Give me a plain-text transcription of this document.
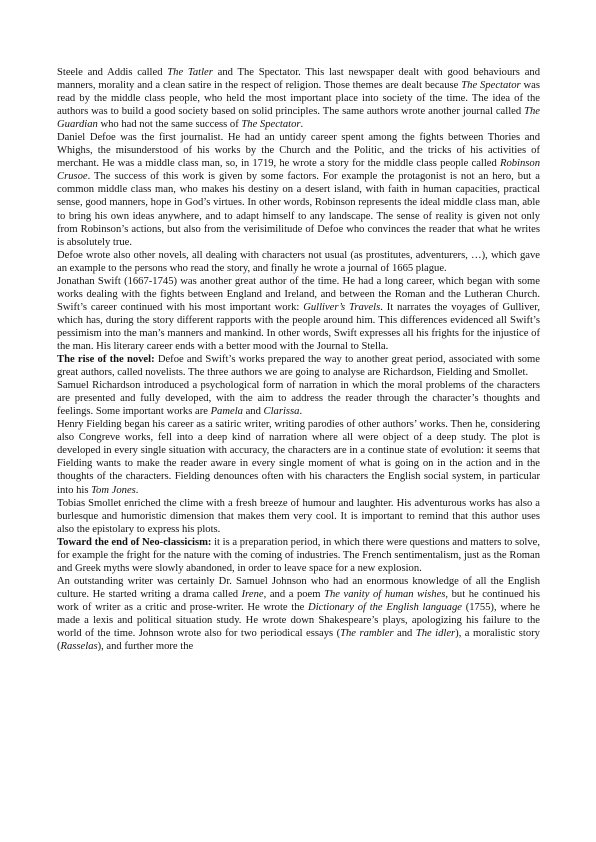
Steele and Addis called The Tatler and The Spectator. This last newspaper dealt with good behaviours and manners, morality and a clean satire in the respect of religion. Those themes are dealt because The Spectator was read by the middle class people, who held the most important place into society of the time. The idea of the authors was to build a good society based on solid principles. The same authors wrote another journal called The Guardian who had not the same success of The Spectator.

Daniel Defoe was the first journalist. He had an untidy career spent among the fights between Thories and Whighs, the misunderstood of his works by the Church and the Politic, and the tricks of his activities of merchant. He was a middle class man, so, in 1719, he wrote a story for the middle class people called Robinson Crusoe. The success of this work is given by some factors. For example the protagonist is not an hero, but a common middle class man, who makes his destiny on a desert island, with faith in human capacities, practical sense, good manners, hope in God’s virtues. In other words, Robinson represents the ideal middle class man, able to bring his own ideas anywhere, and to adapt himself to any landscape. The sense of reality is given not only from Robinson’s actions, but also from the verisimilitude of Defoe who convinces the reader that what he writes is absolutely true.

Defoe wrote also other novels, all dealing with characters not usual (as prostitutes, adventurers, …), which gave an example to the persons who read the story, and finally he wrote a journal of 1665 plague.

Jonathan Swift (1667-1745) was another great author of the time. He had a long career, which began with some works dealing with the fights between England and Ireland, and between the Roman and the Lutheran Church. Swift’s career continued with his most important work: Gulliver’s Travels. It narrates the voyages of Gulliver, which has, during the story different rapports with the people around him. This differences evidenced all Swift’s pessimism into the man’s manners and mankind. In other words, Swift expresses all his frights for the injustice of the man. His literary career ends with a better mood with the Journal to Stella.

The rise of the novel: Defoe and Swift’s works prepared the way to another great period, associated with some great authors, called novelists. The three authors we are going to analyse are Richardson, Fielding and Smollet.

Samuel Richardson introduced a psychological form of narration in which the moral problems of the characters are presented and fully developed, with the aim to address the reader through the character’s thoughts and feelings. Some important works are Pamela and Clarissa.

Henry Fielding began his career as a satiric writer, writing parodies of other authors’ works. Then he, considering also Congreve works, fell into a deep kind of narration where all were object of a deep study. The plot is developed in every single situation with accuracy, the characters are in a continue state of evolution: it seems that Fielding wants to make the reader aware in every single moment of what is going on in the action and in the thoughts of the characters. Fielding denounces often with his characters the English social system, in particular into his Tom Jones.

Tobias Smollet enriched the clime with a fresh breeze of humour and laughter. His adventurous works has also a burlesque and humoristic dimension that makes them very cool. It is important to remind that this author uses also the epistolary to express his plots.

Toward the end of Neo-classicism: it is a preparation period, in which there were questions and matters to solve, for example the fright for the nature with the coming of industries. The French sentimentalism, just as the Roman and Greek myths were slowly abandoned, in order to leave space for a new explosion.

An outstanding writer was certainly Dr. Samuel Johnson who had an enormous knowledge of all the English culture. He started writing a drama called Irene, and a poem The vanity of human wishes, but he continued his work of writer as a critic and prose-writer. He wrote the Dictionary of the English language (1755), where he made a lexis and political situation study. He wrote down Shakespeare’s plays, apologizing his failure to the world of the time. Johnson wrote also for two periodical essays (The rambler and The idler), a moralistic story (Rasselas), and further more the
